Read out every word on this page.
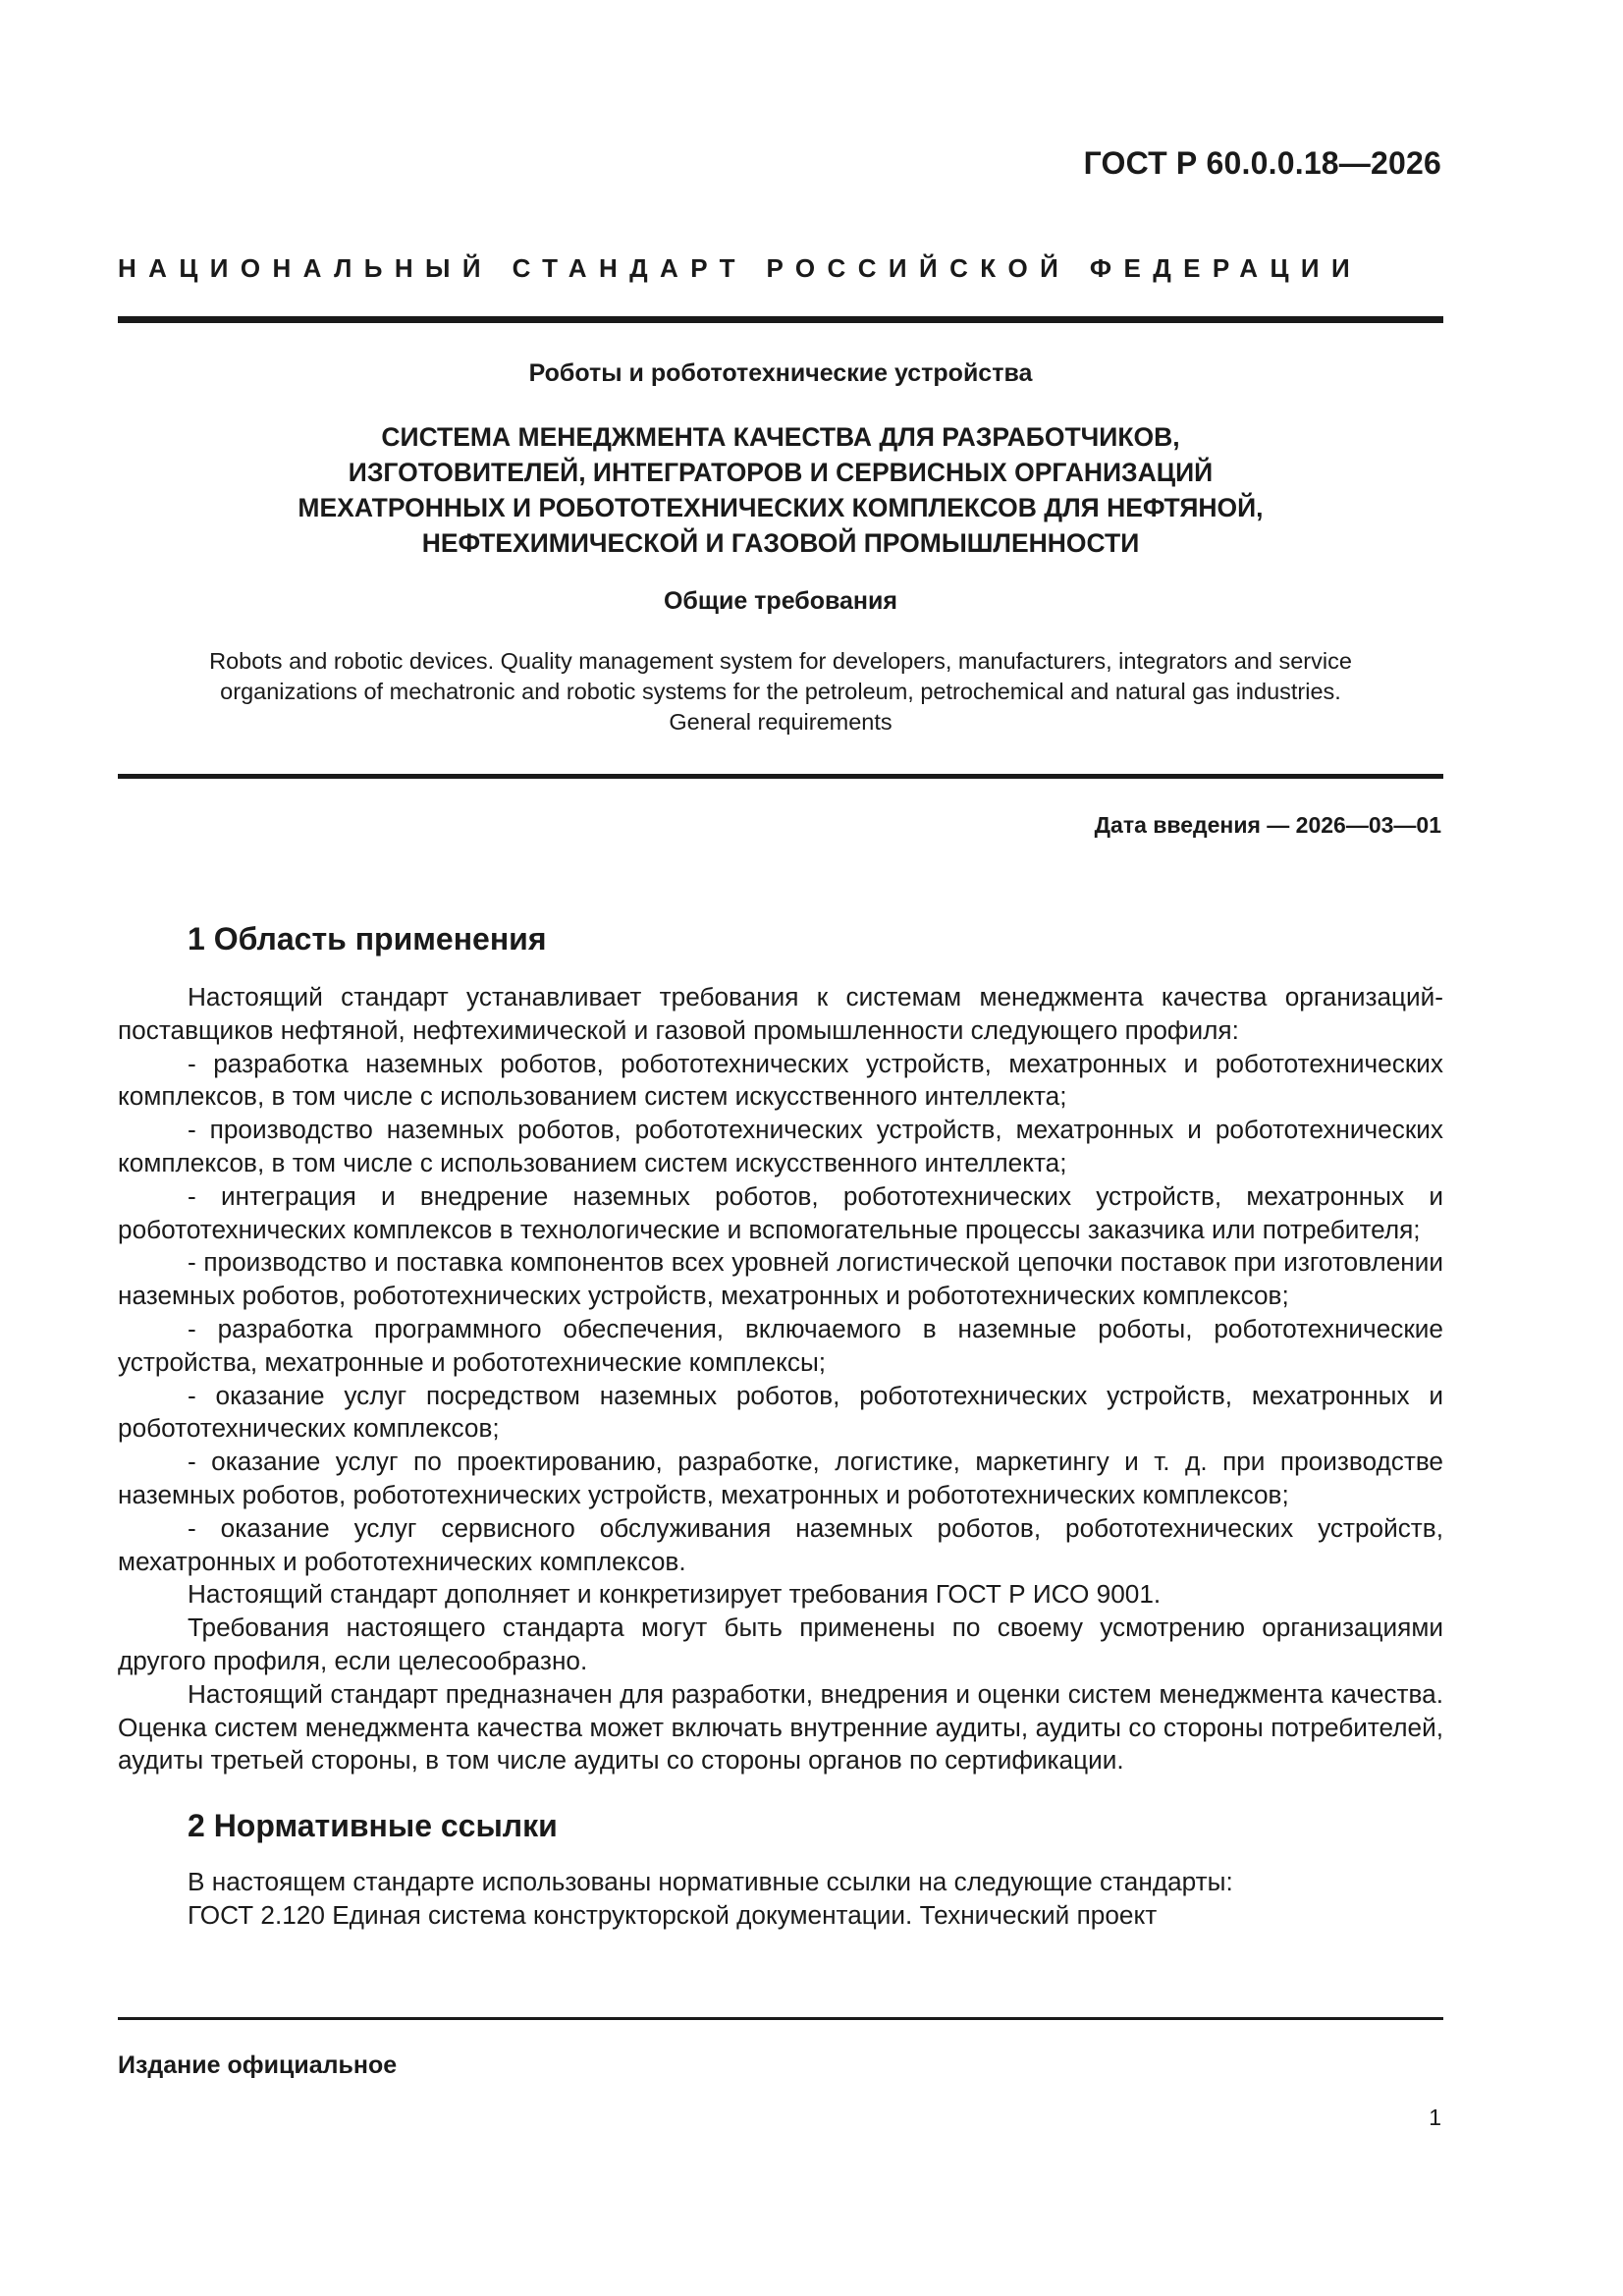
ГОСТ Р 60.0.0.18—2026

НАЦИОНАЛЬНЫЙ СТАНДАРТ РОССИЙСКОЙ ФЕДЕРАЦИИ

Роботы и робототехнические устройства

СИСТЕМА МЕНЕДЖМЕНТА КАЧЕСТВА ДЛЯ РАЗРАБОТЧИКОВ,
ИЗГОТОВИТЕЛЕЙ, ИНТЕГРАТОРОВ И СЕРВИСНЫХ ОРГАНИЗАЦИЙ
МЕХАТРОННЫХ И РОБОТОТЕХНИЧЕСКИХ КОМПЛЕКСОВ ДЛЯ НЕФТЯНОЙ,
НЕФТЕХИМИЧЕСКОЙ И ГАЗОВОЙ ПРОМЫШЛЕННОСТИ

Общие требования

Robots and robotic devices. Quality management system for developers, manufacturers, integrators and service
organizations of mechatronic and robotic systems for the petroleum, petrochemical and natural gas industries.
General requirements

Дата введения — 2026—03—01

1 Область применения

Настоящий стандарт устанавливает требования к системам менеджмента качества организаций-поставщиков нефтяной, нефтехимической и газовой промышленности следующего профиля:

- разработка наземных роботов, робототехнических устройств, мехатронных и робототехнических комплексов, в том числе с использованием систем искусственного интеллекта;

- производство наземных роботов, робототехнических устройств, мехатронных и робототехнических комплексов, в том числе с использованием систем искусственного интеллекта;

- интеграция и внедрение наземных роботов, робототехнических устройств, мехатронных и робототехнических комплексов в технологические и вспомогательные процессы заказчика или потребителя;

- производство и поставка компонентов всех уровней логистической цепочки поставок при изготовлении наземных роботов, робототехнических устройств, мехатронных и робототехнических комплексов;

- разработка программного обеспечения, включаемого в наземные роботы, робототехнические устройства, мехатронные и робототехнические комплексы;

- оказание услуг посредством наземных роботов, робототехнических устройств, мехатронных и робототехнических комплексов;

- оказание услуг по проектированию, разработке, логистике, маркетингу и т. д. при производстве наземных роботов, робототехнических устройств, мехатронных и робототехнических комплексов;

- оказание услуг сервисного обслуживания наземных роботов, робототехнических устройств, мехатронных и робототехнических комплексов.

Настоящий стандарт дополняет и конкретизирует требования ГОСТ Р ИСО 9001.

Требования настоящего стандарта могут быть применены по своему усмотрению организациями другого профиля, если целесообразно.

Настоящий стандарт предназначен для разработки, внедрения и оценки систем менеджмента качества. Оценка систем менеджмента качества может включать внутренние аудиты, аудиты со стороны потребителей, аудиты третьей стороны, в том числе аудиты со стороны органов по сертификации.

2 Нормативные ссылки

В настоящем стандарте использованы нормативные ссылки на следующие стандарты:

ГОСТ 2.120 Единая система конструкторской документации. Технический проект

Издание официальное

1
